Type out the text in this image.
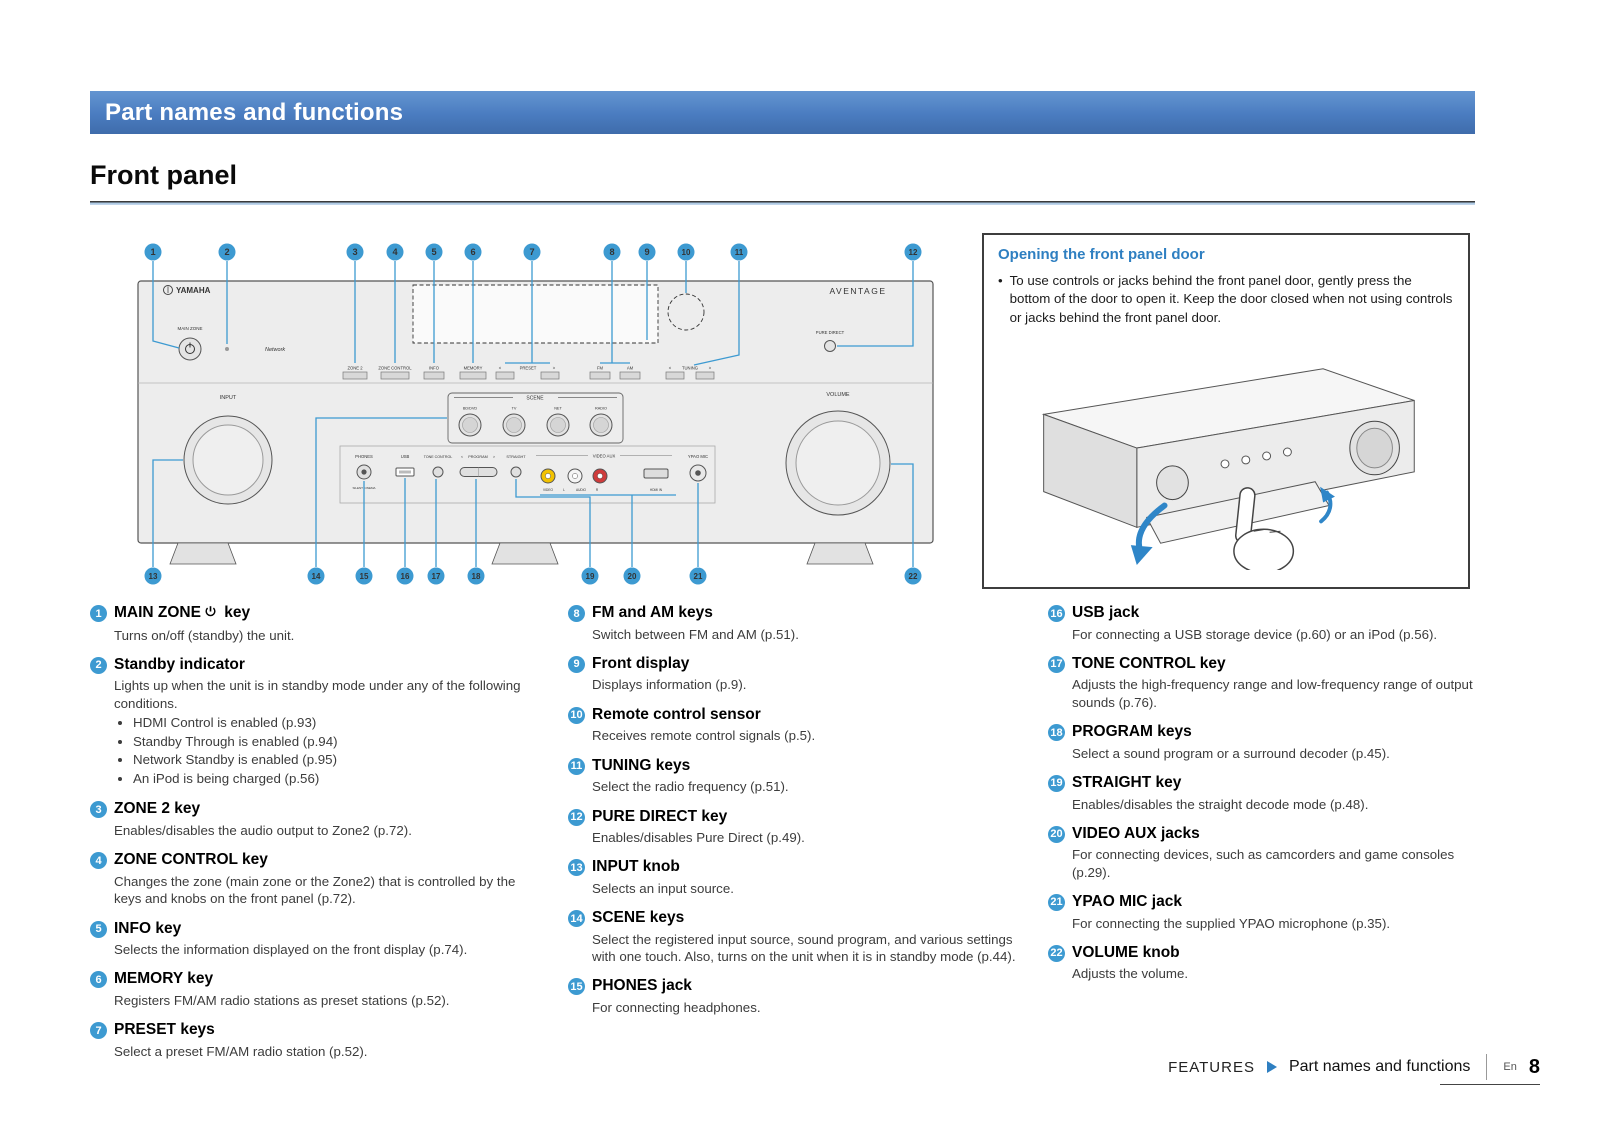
Part names and functions
Front panel
YAMAHA	AVENTAGE
MAIN ZONE
Network
PURE DIRECT
ZONE 2	ZONE CONTROL	INFO	MEMORY	<	PRESET	>	FM	AM	<	TUNING	>
INPUT	VOLUME
SCENE
BD/DVD	TV	NET	RADIO
PHONES
SILENT CINEMA
USB	TONE CONTROL < PROGRAM >	STRAIGHT	VIDEO AUX
VIDEO	L	AUDIO	R	HDMI IN
YPAO MIC
1	2	3	4	5	6	7	8	9	10	11	12
13	14	15	16	17	18	19	20	21	22
Opening the front panel door
• To use controls or jacks behind the front panel door, gently press the bottom of the door to open it. Keep the door closed when not using controls or jacks behind the front panel door.
1 MAIN ZONE key
Turns on/off (standby) the unit.
2 Standby indicator
Lights up when the unit is in standby mode under any of the following conditions.
• HDMI Control is enabled (p.93)
• Standby Through is enabled (p.94)
• Network Standby is enabled (p.95)
• An iPod is being charged (p.56)
3 ZONE 2 key
Enables/disables the audio output to Zone2 (p.72).
4 ZONE CONTROL key
Changes the zone (main zone or the Zone2) that is controlled by the keys and knobs on the front panel (p.72).
5 INFO key
Selects the information displayed on the front display (p.74).
6 MEMORY key
Registers FM/AM radio stations as preset stations (p.52).
7 PRESET keys
Select a preset FM/AM radio station (p.52).
8 FM and AM keys
Switch between FM and AM (p.51).
9 Front display
Displays information (p.9).
10 Remote control sensor
Receives remote control signals (p.5).
11 TUNING keys
Select the radio frequency (p.51).
12 PURE DIRECT key
Enables/disables Pure Direct (p.49).
13 INPUT knob
Selects an input source.
14 SCENE keys
Select the registered input source, sound program, and various settings with one touch. Also, turns on the unit when it is in standby mode (p.44).
15 PHONES jack
For connecting headphones.
16 USB jack
For connecting a USB storage device (p.60) or an iPod (p.56).
17 TONE CONTROL key
Adjusts the high-frequency range and low-frequency range of output sounds (p.76).
18 PROGRAM keys
Select a sound program or a surround decoder (p.45).
19 STRAIGHT key
Enables/disables the straight decode mode (p.48).
20 VIDEO AUX jacks
For connecting devices, such as camcorders and game consoles (p.29).
21 YPAO MIC jack
For connecting the supplied YPAO microphone (p.35).
22 VOLUME knob
Adjusts the volume.
FEATURES Part names and functions	En 8
